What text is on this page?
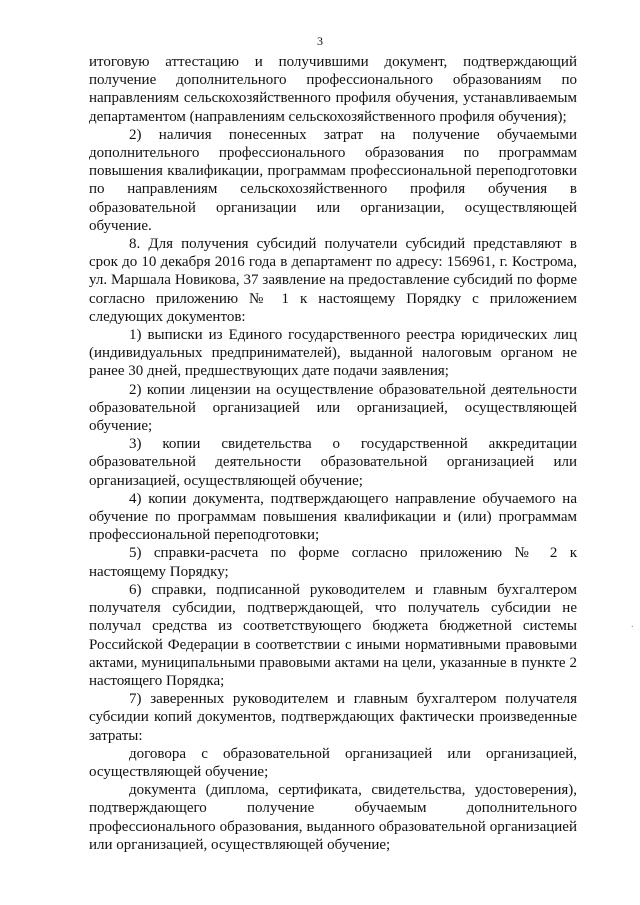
3

итоговую аттестацию и получившими документ, подтверждающий получение дополнительного профессионального образованиям по направлениям сельскохозяйственного профиля обучения, устанавливаемым департаментом (направлениям сельскохозяйственного профиля обучения);

2) наличия понесенных затрат на получение обучаемыми дополнительного профессионального образования по программам повышения квалификации, программам профессиональной переподготовки по направлениям сельскохозяйственного профиля обучения в образовательной организации или организации, осуществляющей обучение.

8. Для получения субсидий получатели субсидий представляют в срок до 10 декабря 2016 года в департамент по адресу: 156961, г. Кострома, ул. Маршала Новикова, 37 заявление на предоставление субсидий по форме согласно приложению № 1 к настоящему Порядку с приложением следующих документов:

1) выписки из Единого государственного реестра юридических лиц (индивидуальных предпринимателей), выданной налоговым органом не ранее 30 дней, предшествующих дате подачи заявления;

2) копии лицензии на осуществление образовательной деятельности образовательной организацией или организацией, осуществляющей обучение;

3) копии свидетельства о государственной аккредитации образовательной деятельности образовательной организацией или организацией, осуществляющей обучение;

4) копии документа, подтверждающего направление обучаемого на обучение по программам повышения квалификации и (или) программам профессиональной переподготовки;

5) справки-расчета по форме согласно приложению № 2 к настоящему Порядку;

6) справки, подписанной руководителем и главным бухгалтером получателя субсидии, подтверждающей, что получатель субсидии не получал средства из соответствующего бюджета бюджетной системы Российской Федерации в соответствии с иными нормативными правовыми актами, муниципальными правовыми актами на цели, указанные в пункте 2 настоящего Порядка;

7) заверенных руководителем и главным бухгалтером получателя субсидии копий документов, подтверждающих фактически произведенные затраты:

договора с образовательной организацией или организацией, осуществляющей обучение;

документа (диплома, сертификата, свидетельства, удостоверения), подтверждающего получение обучаемым дополнительного профессионального образования, выданного образовательной организацией или организацией, осуществляющей обучение;

·
